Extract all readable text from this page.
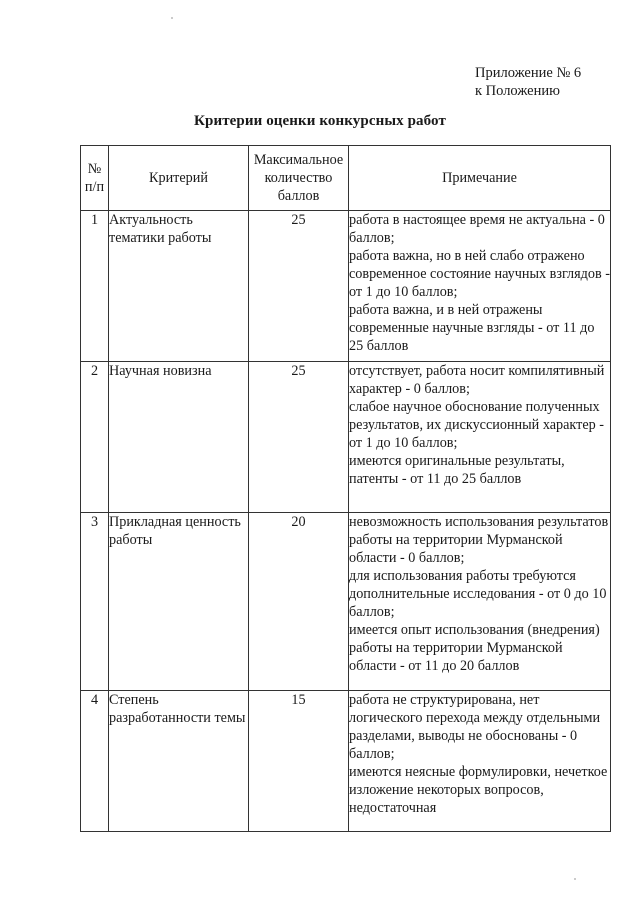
Приложение № 6
к Положению
Критерии оценки конкурсных работ
№ п/п	Критерий	Максимальное количество баллов	Примечание
1	Актуальность тематики работы	25	работа в настоящее время не актуальна - 0 баллов;
работа важна, но в ней слабо отражено современное состояние научных взглядов - от 1 до 10 баллов;
работа важна, и в ней отражены современные научные взгляды - от 11 до 25 баллов

2	Научная новизна	25	отсутствует, работа носит компилятивный характер - 0 баллов;
слабое научное обоснование полученных результатов, их дискуссионный характер - от 1 до 10 баллов;
имеются оригинальные результаты, патенты - от 11 до 25 баллов

3	Прикладная ценность работы	20	невозможность использования результатов работы на территории Мурманской области - 0 баллов;
для использования работы требуются дополнительные исследования - от 0 до 10 баллов;
имеется опыт использования (внедрения) работы на территории Мурманской области - от 11 до 20 баллов

4	Степень разработанности темы	15	работа не структурирована, нет логического перехода между отдельными разделами, выводы не обоснованы - 0 баллов;
имеются неясные формулировки, нечеткое изложение некоторых вопросов, недостаточная
